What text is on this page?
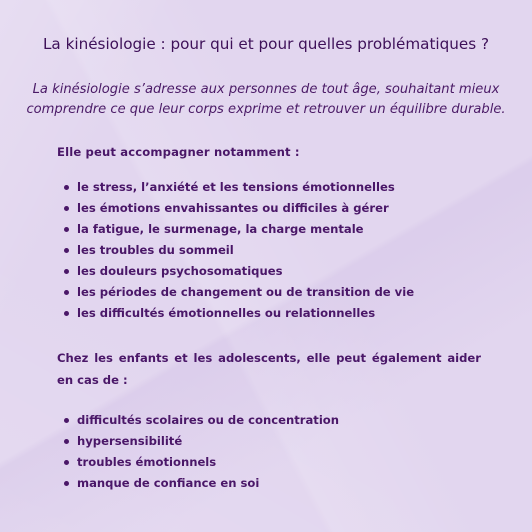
La kinésiologie : pour qui et pour quelles problématiques ?

La kinésiologie s’adresse aux personnes de tout âge, souhaitant mieux comprendre ce que leur corps exprime et retrouver un équilibre durable.

Elle peut accompagner notamment :

le stress, l’anxiété et les tensions émotionnelles
les émotions envahissantes ou difficiles à gérer
la fatigue, le surmenage, la charge mentale
les troubles du sommeil
les douleurs psychosomatiques
les périodes de changement ou de transition de vie
les difficultés émotionnelles ou relationnelles

Chez les enfants et les adolescents, elle peut également aider en cas de :

difficultés scolaires ou de concentration
hypersensibilité
troubles émotionnels
manque de confiance en soi
